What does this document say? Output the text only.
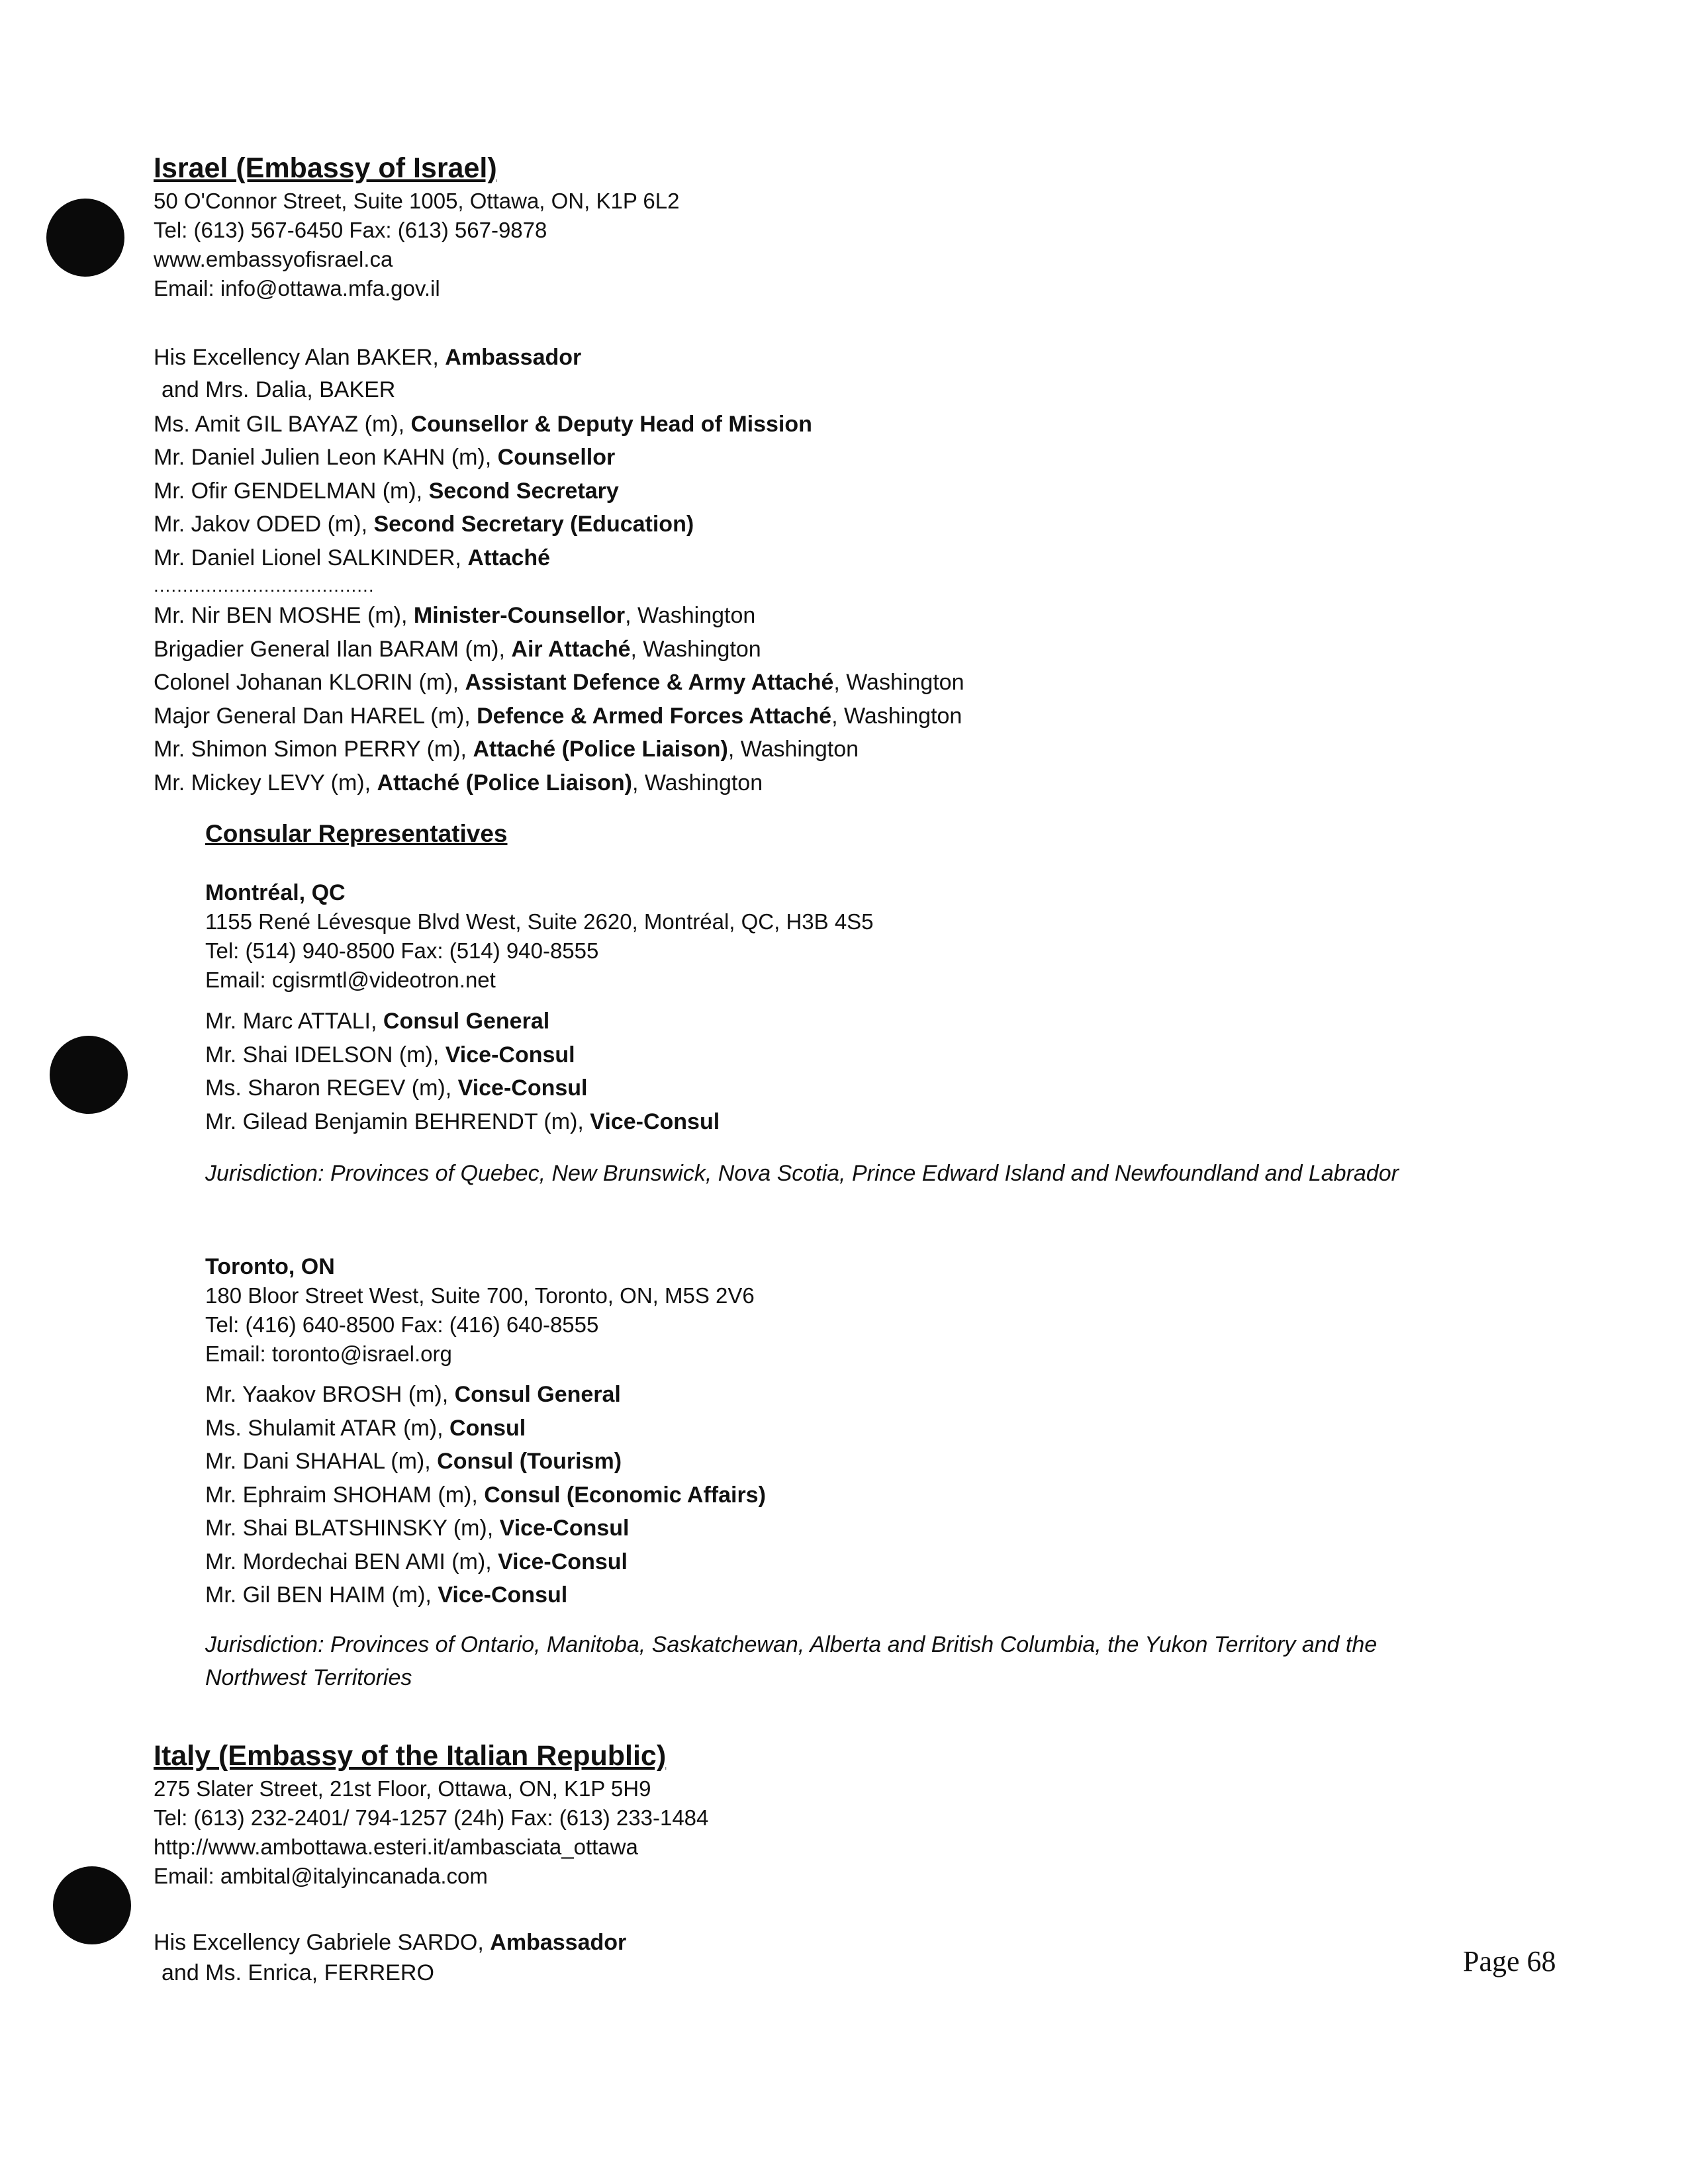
Israel (Embassy of Israel)

50 O'Connor Street, Suite 1005, Ottawa, ON, K1P 6L2

Tel: (613) 567-6450 Fax: (613) 567-9878

www.embassyofisrael.ca

Email: info@ottawa.mfa.gov.il

His Excellency Alan BAKER, Ambassador

and Mrs. Dalia, BAKER

Ms. Amit GIL BAYAZ (m), Counsellor & Deputy Head of Mission

Mr. Daniel Julien Leon KAHN (m), Counsellor

Mr. Ofir GENDELMAN (m), Second Secretary

Mr. Jakov ODED (m), Second Secretary (Education)

Mr. Daniel Lionel SALKINDER, Attaché

......................................

Mr. Nir BEN MOSHE (m), Minister-Counsellor, Washington

Brigadier General Ilan BARAM (m), Air Attaché, Washington

Colonel Johanan KLORIN (m), Assistant Defence & Army Attaché, Washington

Major General Dan HAREL (m), Defence & Armed Forces Attaché, Washington

Mr. Shimon Simon PERRY (m), Attaché (Police Liaison), Washington

Mr. Mickey LEVY (m), Attaché (Police Liaison), Washington

Consular Representatives

Montréal, QC

1155 René Lévesque Blvd West, Suite 2620, Montréal, QC, H3B 4S5

Tel: (514) 940-8500 Fax: (514) 940-8555

Email: cgisrmtl@videotron.net

Mr. Marc ATTALI, Consul General

Mr. Shai IDELSON (m), Vice-Consul

Ms. Sharon REGEV (m), Vice-Consul

Mr. Gilead Benjamin BEHRENDT (m), Vice-Consul

Jurisdiction: Provinces of Quebec, New Brunswick, Nova Scotia, Prince Edward Island and Newfoundland and Labrador

Toronto, ON

180 Bloor Street West, Suite 700, Toronto, ON, M5S 2V6

Tel: (416) 640-8500 Fax: (416) 640-8555

Email: toronto@israel.org

Mr. Yaakov BROSH (m), Consul General

Ms. Shulamit ATAR (m), Consul

Mr. Dani SHAHAL (m), Consul (Tourism)

Mr. Ephraim SHOHAM (m), Consul (Economic Affairs)

Mr. Shai BLATSHINSKY (m), Vice-Consul

Mr. Mordechai BEN AMI (m), Vice-Consul

Mr. Gil BEN HAIM (m), Vice-Consul

Jurisdiction: Provinces of Ontario, Manitoba, Saskatchewan, Alberta and British Columbia, the Yukon Territory and the

Northwest Territories

Italy (Embassy of the Italian Republic)

275 Slater Street, 21st Floor, Ottawa, ON, K1P 5H9

Tel: (613) 232-2401/ 794-1257 (24h) Fax: (613) 233-1484

http://www.ambottawa.esteri.it/ambasciata_ottawa

Email: ambital@italyincanada.com

His Excellency Gabriele SARDO, Ambassador

and Ms. Enrica, FERRERO	Page 68
